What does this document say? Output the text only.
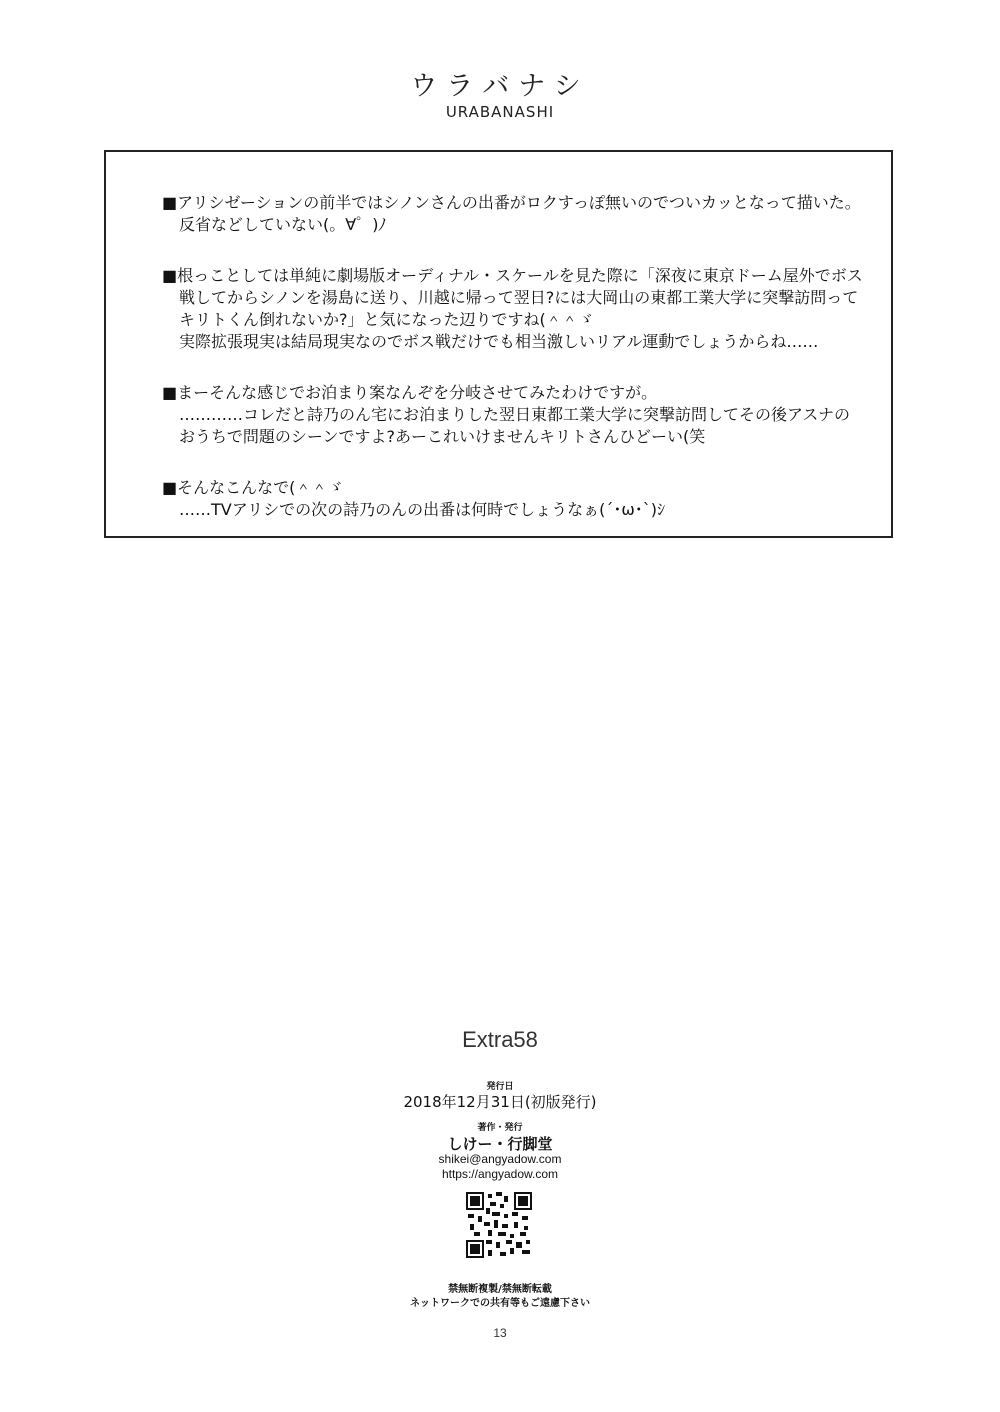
ウラバナシ
URABANASHI
■アリシゼーションの前半ではシノンさんの出番がロクすっぽ無いのでついカッとなって描いた。
反省などしていない(。∀゜)ﾉ
■根っことしては単純に劇場版オーディナル・スケールを見た際に「深夜に東京ドーム屋外でボス
戦してからシノンを湯島に送り、川越に帰って翌日?には大岡山の東都工業大学に突撃訪問って
キリトくん倒れないか?」と気になった辺りですね(＾＾ゞ
実際拡張現実は結局現実なのでボス戦だけでも相当激しいリアル運動でしょうからね……
■まーそんな感じでお泊まり案なんぞを分岐させてみたわけですが。
…………コレだと詩乃のん宅にお泊まりした翌日東都工業大学に突撃訪問してその後アスナの
おうちで問題のシーンですよ?あーこれいけませんキリトさんひどーい(笑
■そんなこんなで(＾＾ゞ
……TVアリシでの次の詩乃のんの出番は何時でしょうなぁ(´･ω･`)ｼ
Extra58
発行日
2018年12月31日(初版発行)
著作・発行
しけー・行脚堂
shikei@angyadow.com
https://angyadow.com
禁無断複製/禁無断転載
ネットワークでの共有等もご遠慮下さい
13
